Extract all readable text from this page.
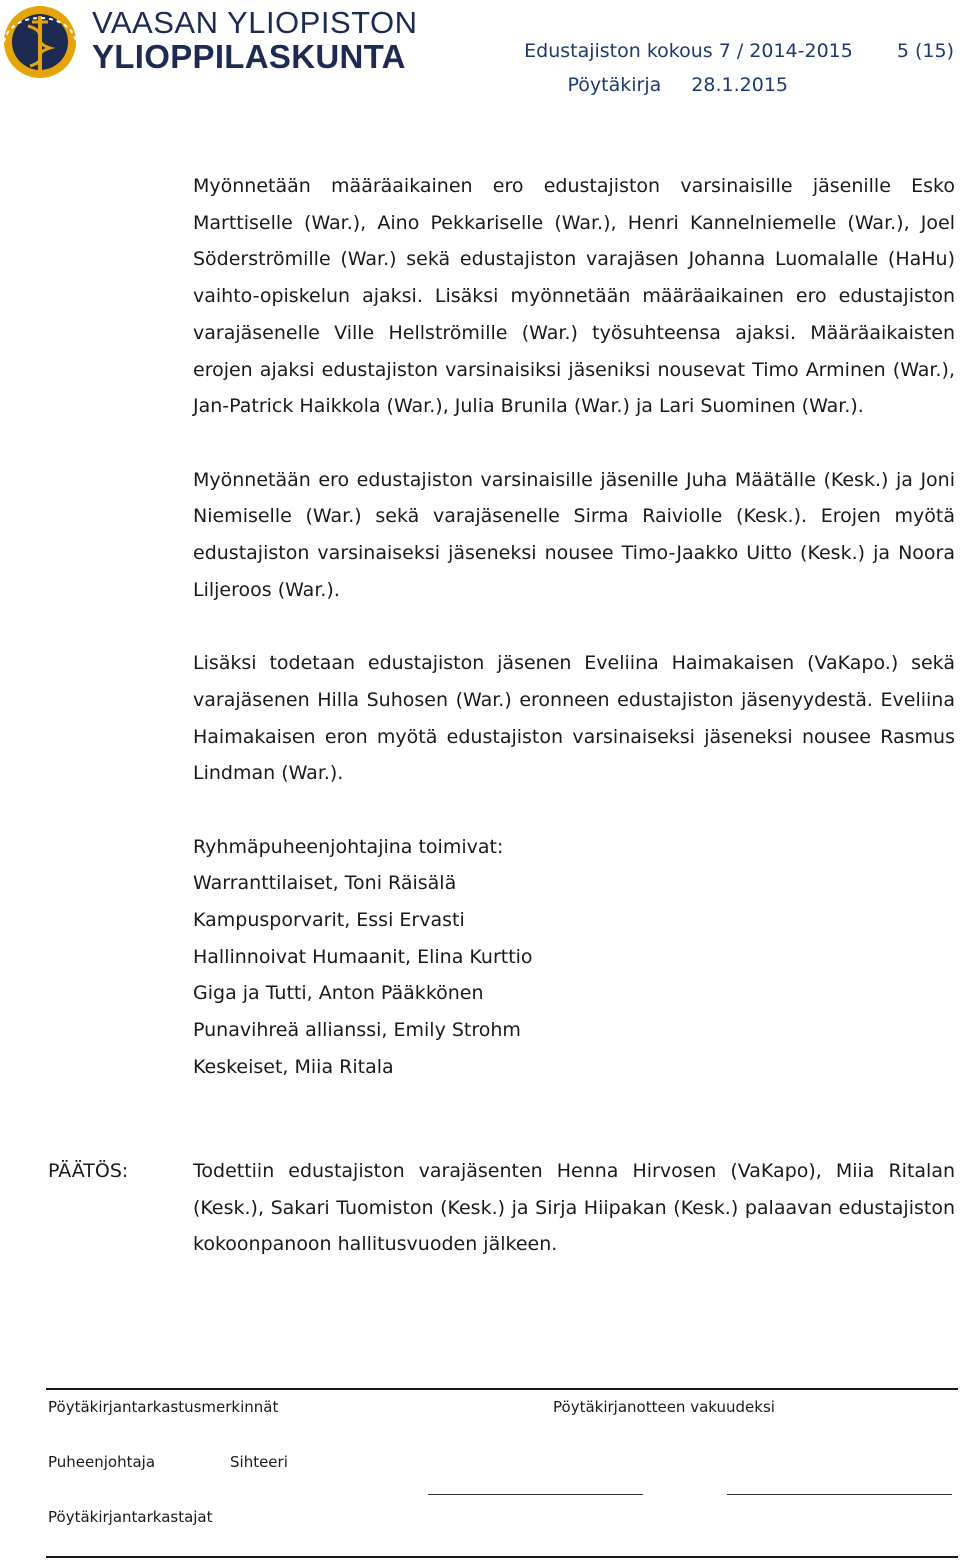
VAASAN YLIOPISTON
YLIOPPILASKUNTA	Edustajiston kokous 7 / 2014-2015 5 (15)
Pöytäkirja 28.1.2015

Myönnetään määräaikainen ero edustajiston varsinaisille jäsenille Esko Marttiselle (War.), Aino Pekkariselle (War.), Henri Kannelniemelle (War.), Joel Söderströmille (War.) sekä edustajiston varajäsen Johanna Luomalalle (HaHu) vaihto-opiskelun ajaksi. Lisäksi myönnetään määräaikainen ero edustajiston varajäsenelle Ville Hellströmille (War.) työsuhteensa ajaksi. Määräaikaisten erojen ajaksi edustajiston varsinaisiksi jäseniksi nousevat Timo Arminen (War.), Jan-Patrick Haikkola (War.), Julia Brunila (War.) ja Lari Suominen (War.).

Myönnetään ero edustajiston varsinaisille jäsenille Juha Määtälle (Kesk.) ja Joni Niemiselle (War.) sekä varajäsenelle Sirma Raiviolle (Kesk.). Erojen myötä edustajiston varsinaiseksi jäseneksi nousee Timo-Jaakko Uitto (Kesk.) ja Noora Liljeroos (War.).

Lisäksi todetaan edustajiston jäsenen Eveliina Haimakaisen (VaKapo.) sekä varajäsenen Hilla Suhosen (War.) eronneen edustajiston jäsenyydestä. Eveliina Haimakaisen eron myötä edustajiston varsinaiseksi jäseneksi nousee Rasmus Lindman (War.).

Ryhmäpuheenjohtajina toimivat:
Warranttilaiset, Toni Räisälä
Kampusporvarit, Essi Ervasti
Hallinnoivat Humaanit, Elina Kurttio
Giga ja Tutti, Anton Pääkkönen
Punavihreä allianssi, Emily Strohm
Keskeiset, Miia Ritala
PÄÄTÖS:	Todettiin edustajiston varajäsenten Henna Hirvosen (VaKapo), Miia Ritalan (Kesk.), Sakari Tuomiston (Kesk.) ja Sirja Hiipakan (Kesk.) palaavan edustajiston kokoonpanoon hallitusvuoden jälkeen.

Pöytäkirjantarkastusmerkinnät	Pöytäkirjanotteen vakuudeksi
Puheenjohtaja	Sihteeri
Pöytäkirjantarkastajat
